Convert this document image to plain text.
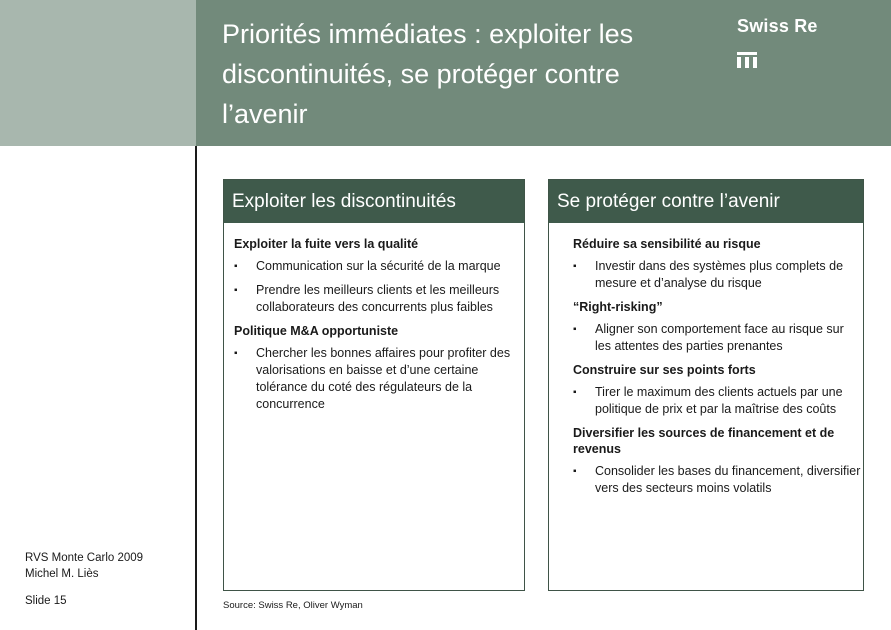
Priorités immédiates : exploiter les discontinuités, se protéger contre l’avenir
Swiss Re
Exploiter les discontinuités
Exploiter la fuite vers la qualité
▪ Communication sur la sécurité de la marque
▪ Prendre les meilleurs clients et les meilleurs collaborateurs des concurrents plus faibles
Politique M&A opportuniste
▪ Chercher les bonnes affaires pour profiter des valorisations en baisse et d’une certaine tolérance du coté des régulateurs de la concurrence
Se protéger contre l’avenir
Réduire sa sensibilité au risque
▪ Investir dans des systèmes plus complets de mesure et d’analyse du risque
“Right-risking”
▪ Aligner son comportement face au risque sur les attentes des parties prenantes
Construire sur ses points forts
▪ Tirer le maximum des clients actuels par une politique de prix et par la maîtrise des coûts
Diversifier les sources de financement et de revenus
▪ Consolider les bases du financement, diversifier vers des secteurs moins volatils
RVS Monte Carlo 2009
Michel M. Liès
Slide 15	Source: Swiss Re, Oliver Wyman
